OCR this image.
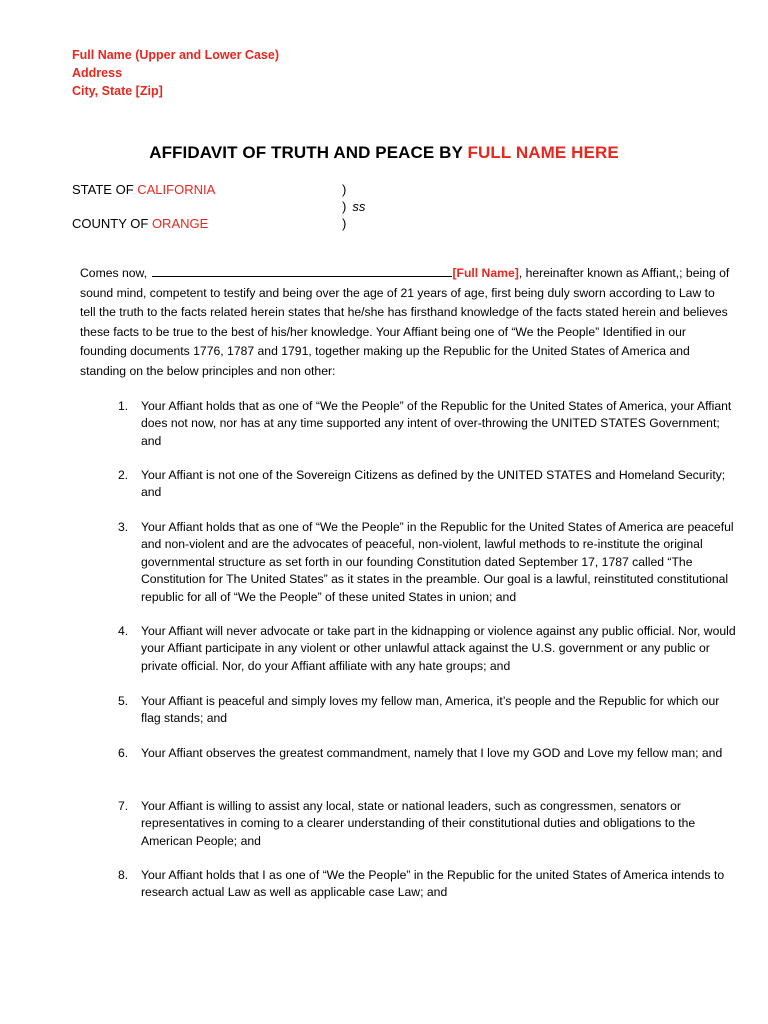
Full Name (Upper and Lower Case)
Address
City, State [Zip]
AFFIDAVIT OF TRUTH AND PEACE BY FULL NAME HERE
STATE OF CALIFORNIA	)
) ss
COUNTY OF ORANGE	)
Comes now,	[Full Name], hereinafter known as Affiant,; being of sound mind, competent to testify and being over the age of 21 years of age, first being duly sworn according to Law to tell the truth to the facts related herein states that he/she has firsthand knowledge of the facts stated herein and believes these facts to be true to the best of his/her knowledge. Your Affiant being one of “We the People” Identified in our founding documents 1776, 1787 and 1791, together making up the Republic for the United States of America and standing on the below principles and non other:
1.	Your Affiant holds that as one of “We the People” of the Republic for the United States of America, your Affiant does not now, nor has at any time supported any intent of over-throwing the UNITED STATES Government; and
2.	Your Affiant is not one of the Sovereign Citizens as defined by the UNITED STATES and Homeland Security; and
3.	Your Affiant holds that as one of “We the People” in the Republic for the United States of America are peaceful and non-violent and are the advocates of peaceful, non-violent, lawful methods to re-institute the original governmental structure as set forth in our founding Constitution dated September 17, 1787 called “The Constitution for The United States” as it states in the preamble. Our goal is a lawful, reinstituted constitutional republic for all of “We the People” of these united States in union; and
4.	Your Affiant will never advocate or take part in the kidnapping or violence against any public official. Nor, would your Affiant participate in any violent or other unlawful attack against the U.S. government or any public or private official. Nor, do your Affiant affiliate with any hate groups; and
5.	Your Affiant is peaceful and simply loves my fellow man, America, it’s people and the Republic for which our flag stands; and
6.	Your Affiant observes the greatest commandment, namely that I love my GOD and Love my fellow man; and
7.	Your Affiant is willing to assist any local, state or national leaders, such as congressmen, senators or representatives in coming to a clearer understanding of their constitutional duties and obligations to the American People; and
8.	Your Affiant holds that I as one of “We the People” in the Republic for the united States of America intends to research actual Law as well as applicable case Law; and
